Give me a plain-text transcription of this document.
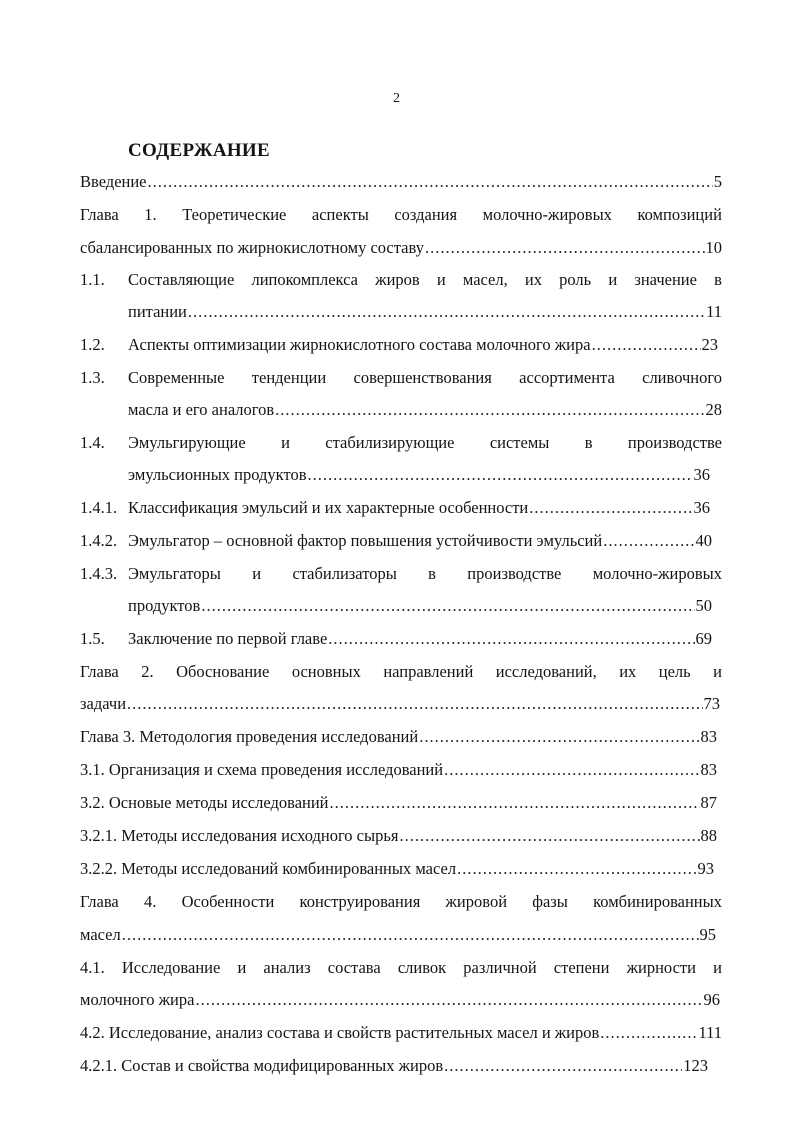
2
СОДЕРЖАНИЕ
Введение .....	5
Глава 1. Теоретические аспекты создания молочно-жировых композиций
сбалансированных по жирнокислотному составу .....	10
1.1.	Составляющие липокомплекса жиров и масел, их роль и значение в
питании .....	11
1.2.	Аспекты оптимизации жирнокислотного состава молочного жира .....	23
1.3.	Современные тенденции совершенствования ассортимента сливочного
масла и его аналогов .....	28
1.4.	Эмульгирующие и стабилизирующие системы в производстве
эмульсионных продуктов .....	36
1.4.1. Классификация эмульсий и их характерные особенности .....	36
1.4.2. Эмульгатор – основной фактор повышения устойчивости эмульсий .....	40
1.4.3. Эмульгаторы и стабилизаторы в производстве молочно-жировых
продуктов .....	50
1.5.	Заключение по первой главе .....	69
Глава 2. Обоснование основных направлений исследований, их цель и
задачи .....	73
Глава 3. Методология проведения исследований .....	83
3.1. Организация и схема проведения исследований .....	83
3.2. Основые методы исследований .....	87
3.2.1. Методы исследования исходного сырья .....	88
3.2.2. Методы исследований комбинированных масел .....	93
Глава 4. Особенности конструирования жировой фазы комбинированных
масел .....	95
4.1. Исследование и анализ состава сливок различной степени жирности и
молочного жира .....	96
4.2. Исследование, анализ состава и свойств растительных масел и жиров .....	111
4.2.1. Состав и свойства модифицированных жиров .....	123
